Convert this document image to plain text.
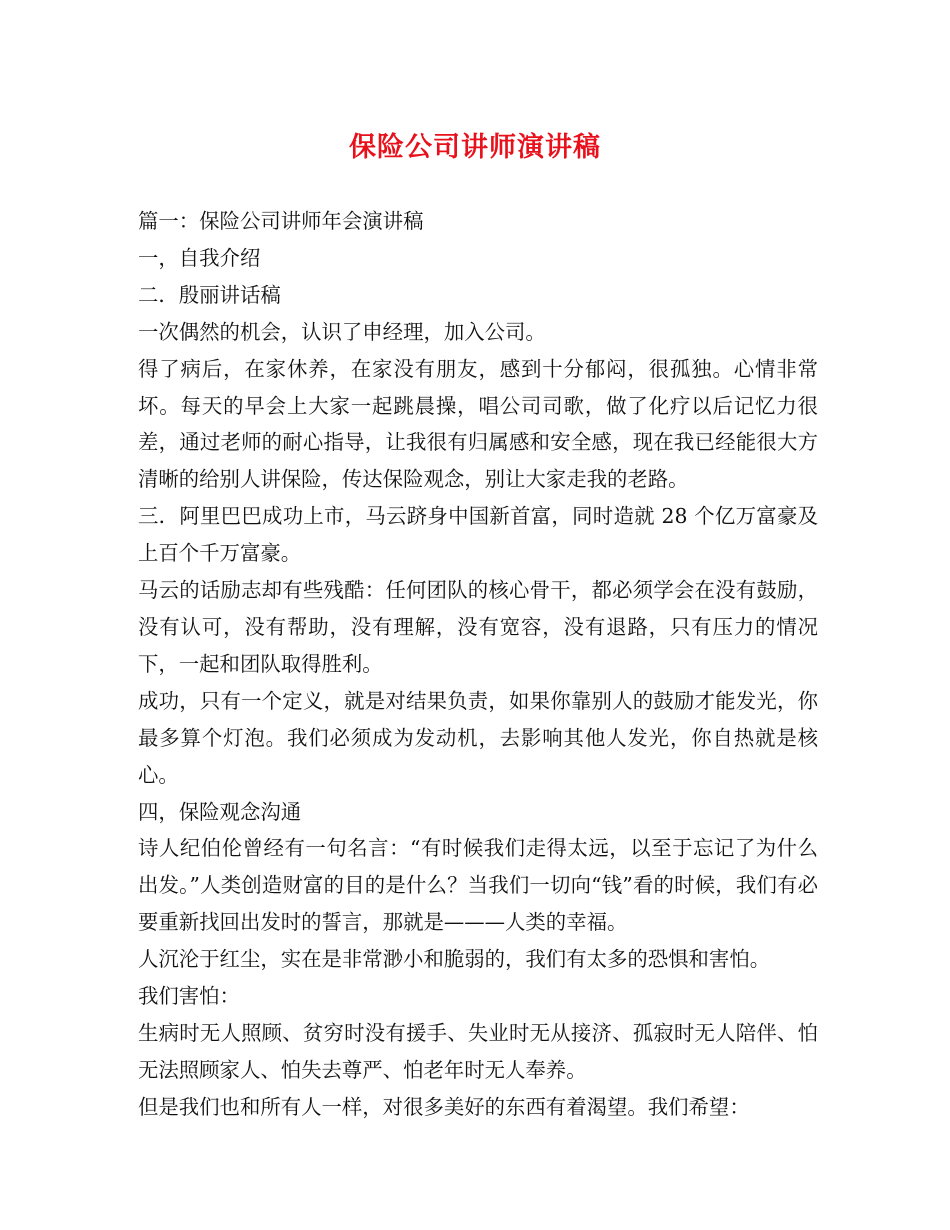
保险公司讲师演讲稿

篇一：保险公司讲师年会演讲稿

一，自我介绍

二．殷丽讲话稿

一次偶然的机会，认识了申经理，加入公司。

得了病后，在家休养，在家没有朋友，感到十分郁闷，很孤独。心情非常坏。每天的早会上大家一起跳晨操，唱公司司歌，做了化疗以后记忆力很差，通过老师的耐心指导，让我很有归属感和安全感，现在我已经能很大方清晰的给别人讲保险，传达保险观念，别让大家走我的老路。

三．阿里巴巴成功上市，马云跻身中国新首富，同时造就 28 个亿万富豪及上百个千万富豪。

马云的话励志却有些残酷：任何团队的核心骨干，都必须学会在没有鼓励，没有认可，没有帮助，没有理解，没有宽容，没有退路，只有压力的情况下，一起和团队取得胜利。

成功，只有一个定义，就是对结果负责，如果你靠别人的鼓励才能发光，你最多算个灯泡。我们必须成为发动机，去影响其他人发光，你自热就是核心。

四，保险观念沟通

诗人纪伯伦曾经有一句名言：“有时候我们走得太远，以至于忘记了为什么出发。”人类创造财富的目的是什么？当我们一切向“钱”看的时候，我们有必要重新找回出发时的誓言，那就是———人类的幸福。

人沉沦于红尘，实在是非常渺小和脆弱的，我们有太多的恐惧和害怕。

我们害怕：

生病时无人照顾、贫穷时没有援手、失业时无从接济、孤寂时无人陪伴、怕无法照顾家人、怕失去尊严、怕老年时无人奉养。

但是我们也和所有人一样，对很多美好的东西有着渴望。我们希望：
